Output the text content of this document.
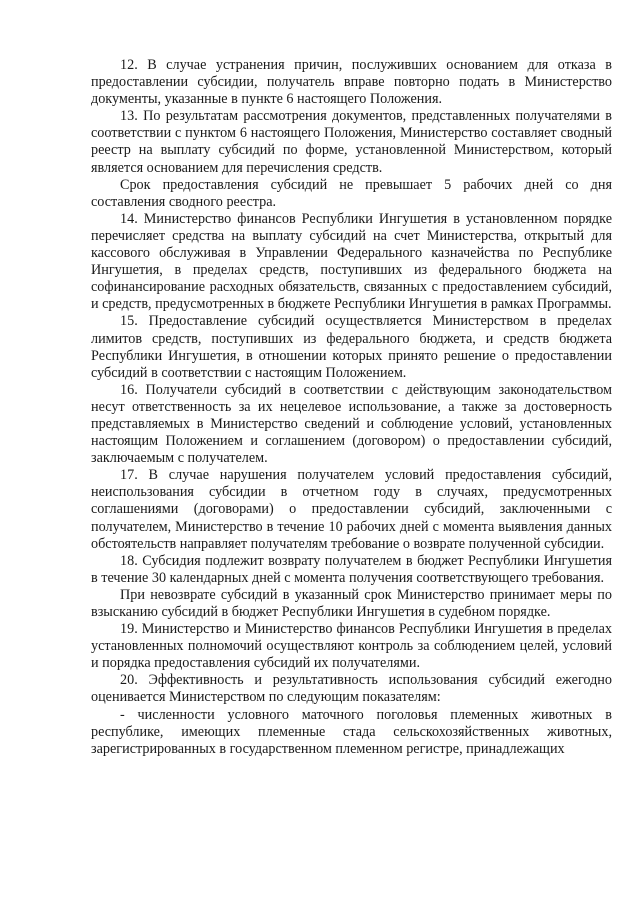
12. В случае устранения причин, послуживших основанием для отказа в предоставлении субсидии, получатель вправе повторно подать в Министерство документы, указанные в пункте 6 настоящего Положения.

13. По результатам рассмотрения документов, представленных получателями в соответствии с пунктом 6 настоящего Положения, Министерство составляет сводный реестр на выплату субсидий по форме, установленной Министерством, который является основанием для перечисления средств.

Срок предоставления субсидий не превышает 5 рабочих дней со дня составления сводного реестра.

14. Министерство финансов Республики Ингушетия в установленном порядке перечисляет средства на выплату субсидий на счет Министерства, открытый для кассового обслуживая в Управлении Федерального казначейства по Республике Ингушетия, в пределах средств, поступивших из федерального бюджета на софинансирование расходных обязательств, связанных с предоставлением субсидий, и средств, предусмотренных в бюджете Республики Ингушетия в рамках Программы.

15. Предоставление субсидий осуществляется Министерством в пределах лимитов средств, поступивших из федерального бюджета, и средств бюджета Республики Ингушетия, в отношении которых принято решение о предоставлении субсидий в соответствии с настоящим Положением.

16. Получатели субсидий в соответствии с действующим законодательством несут ответственность за их нецелевое использование, а также за достоверность представляемых в Министерство сведений и соблюдение условий, установленных настоящим Положением и соглашением (договором) о предоставлении субсидий, заключаемым с получателем.

17. В случае нарушения получателем условий предоставления субсидий, неиспользования субсидии в отчетном году в случаях, предусмотренных соглашениями (договорами) о предоставлении субсидий, заключенными с получателем, Министерство в течение 10 рабочих дней с момента выявления данных обстоятельств направляет получателям требование о возврате полученной субсидии.

18. Субсидия подлежит возврату получателем в бюджет Республики Ингушетия в течение 30 календарных дней с момента получения соответствующего требования.

При невозврате субсидий в указанный срок Министерство принимает меры по взысканию субсидий в бюджет Республики Ингушетия в судебном порядке.

19. Министерство и Министерство финансов Республики Ингушетия в пределах установленных полномочий осуществляют контроль за соблюдением целей, условий и порядка предоставления субсидий их получателями.

20. Эффективность и результативность использования субсидий ежегодно оценивается Министерством по следующим показателям:

- численности условного маточного поголовья племенных животных в республике, имеющих племенные стада сельскохозяйственных животных, зарегистрированных в государственном племенном регистре, принадлежащих
